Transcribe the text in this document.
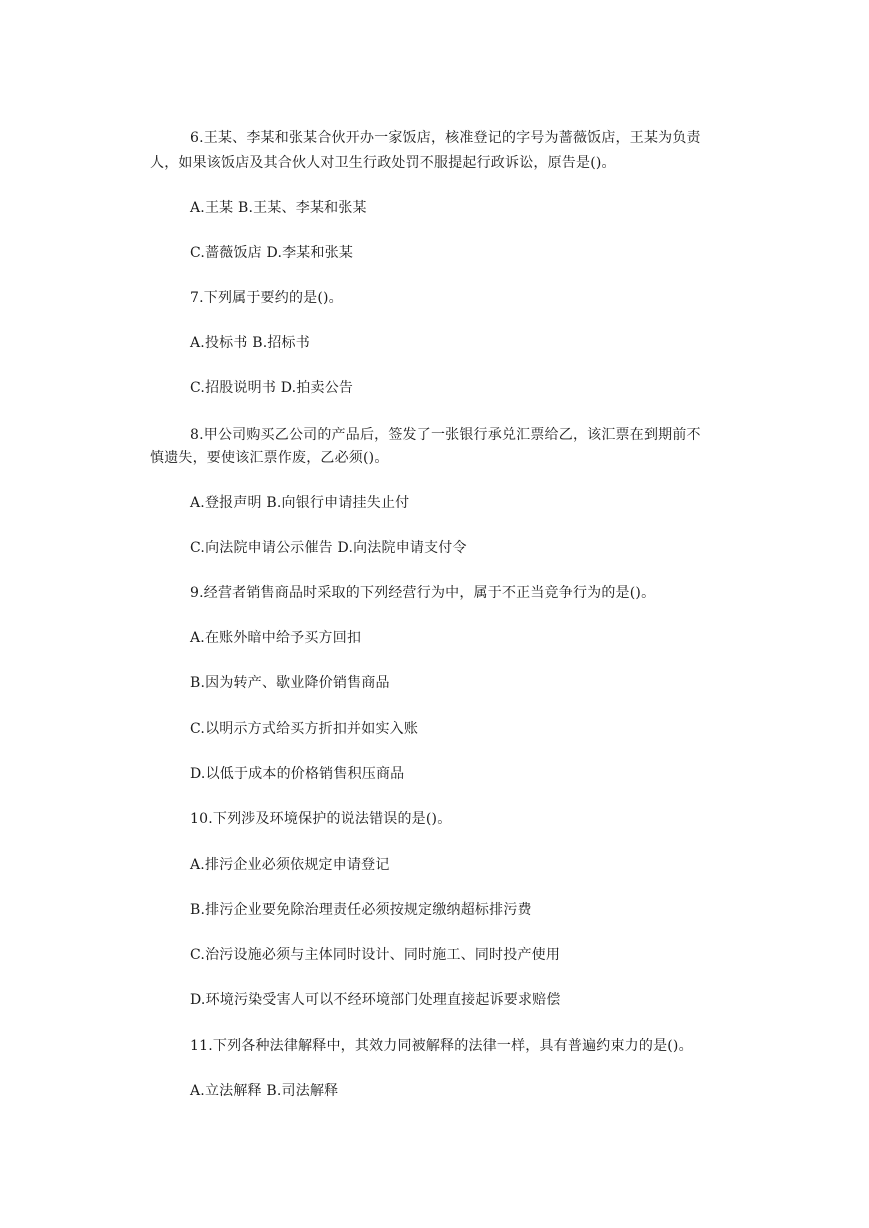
6.王某、李某和张某合伙开办一家饭店，核准登记的字号为蔷薇饭店，王某为负责
人，如果该饭店及其合伙人对卫生行政处罚不服提起行政诉讼，原告是()。
A.王某 B.王某、李某和张某
C.蔷薇饭店 D.李某和张某
7.下列属于要约的是()。
A.投标书 B.招标书
C.招股说明书 D.拍卖公告
8.甲公司购买乙公司的产品后，签发了一张银行承兑汇票给乙，该汇票在到期前不
慎遗失，要使该汇票作废，乙必须()。
A.登报声明 B.向银行申请挂失止付
C.向法院申请公示催告 D.向法院申请支付令
9.经营者销售商品时采取的下列经营行为中，属于不正当竞争行为的是()。
A.在账外暗中给予买方回扣
B.因为转产、歇业降价销售商品
C.以明示方式给买方折扣并如实入账
D.以低于成本的价格销售积压商品
10.下列涉及环境保护的说法错误的是()。
A.排污企业必须依规定申请登记
B.排污企业要免除治理责任必须按规定缴纳超标排污费
C.治污设施必须与主体同时设计、同时施工、同时投产使用
D.环境污染受害人可以不经环境部门处理直接起诉要求赔偿
11.下列各种法律解释中，其效力同被解释的法律一样，具有普遍约束力的是()。
A.立法解释 B.司法解释
